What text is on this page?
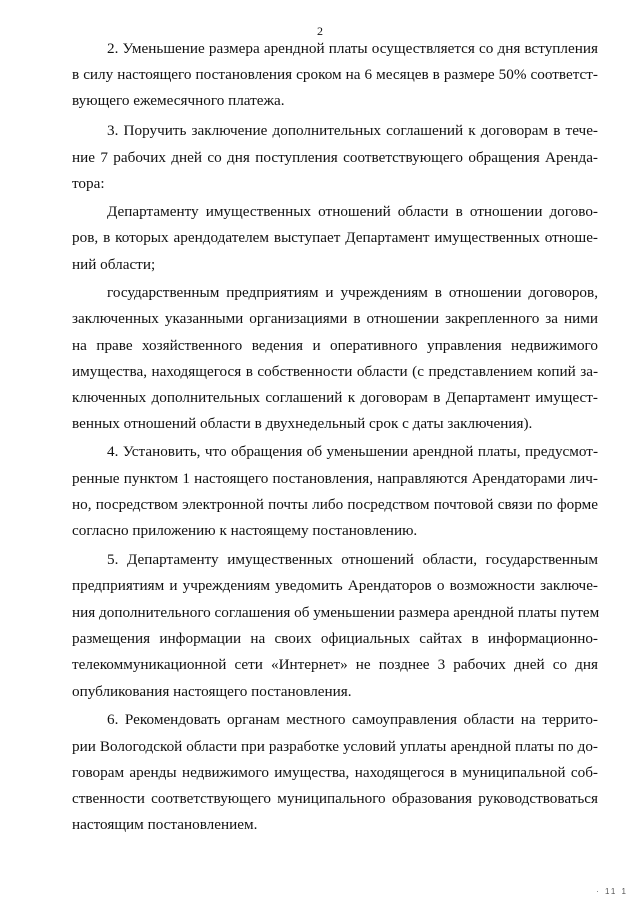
2
2. Уменьшение размера арендной платы осуществляется со дня вступления
в силу настоящего постановления сроком на 6 месяцев в размере 50% соответст-
вующего ежемесячного платежа.
3. Поручить заключение дополнительных соглашений к договорам в тече-
ние 7 рабочих дней со дня поступления соответствующего обращения Арендa-
тора:
Департаменту имущественных отношений области в отношении догово-
ров, в которых арендодателем выступает Департамент имущественных отноше-
ний области;
государственным предприятиям и учреждениям в отношении договоров,
заключенных указанными организациями в отношении закрепленного за ними
на праве хозяйственного ведения и оперативного управления недвижимого
имущества, находящегося в собственности области (с представлением копий за-
ключенных дополнительных соглашений к договорам в Департамент имущест-
венных отношений области в двухнедельный срок с даты заключения).
4. Установить, что обращения об уменьшении арендной платы, предусмот-
ренные пунктом 1 настоящего постановления, направляются Арендаторами лич-
но, посредством электронной почты либо посредством почтовой связи по форме
согласно приложению к настоящему постановлению.
5. Департаменту имущественных отношений области, государственным
предприятиям и учреждениям уведомить Арендаторов о возможности заключе-
ния дополнительного соглашения об уменьшении размера арендной платы путем
размещения информации на своих официальных сайтах в информационно-
телекоммуникационной сети «Интернет» не позднее 3 рабочих дней со дня
опубликования настоящего постановления.
6. Рекомендовать органам местного самоуправления области на террито-
рии Вологодской области при разработке условий уплаты арендной платы по до-
говорам аренды недвижимого имущества, находящегося в муниципальной соб-
ственности соответствующего муниципального образования руководствоваться
настоящим постановлением.
· 11 1
